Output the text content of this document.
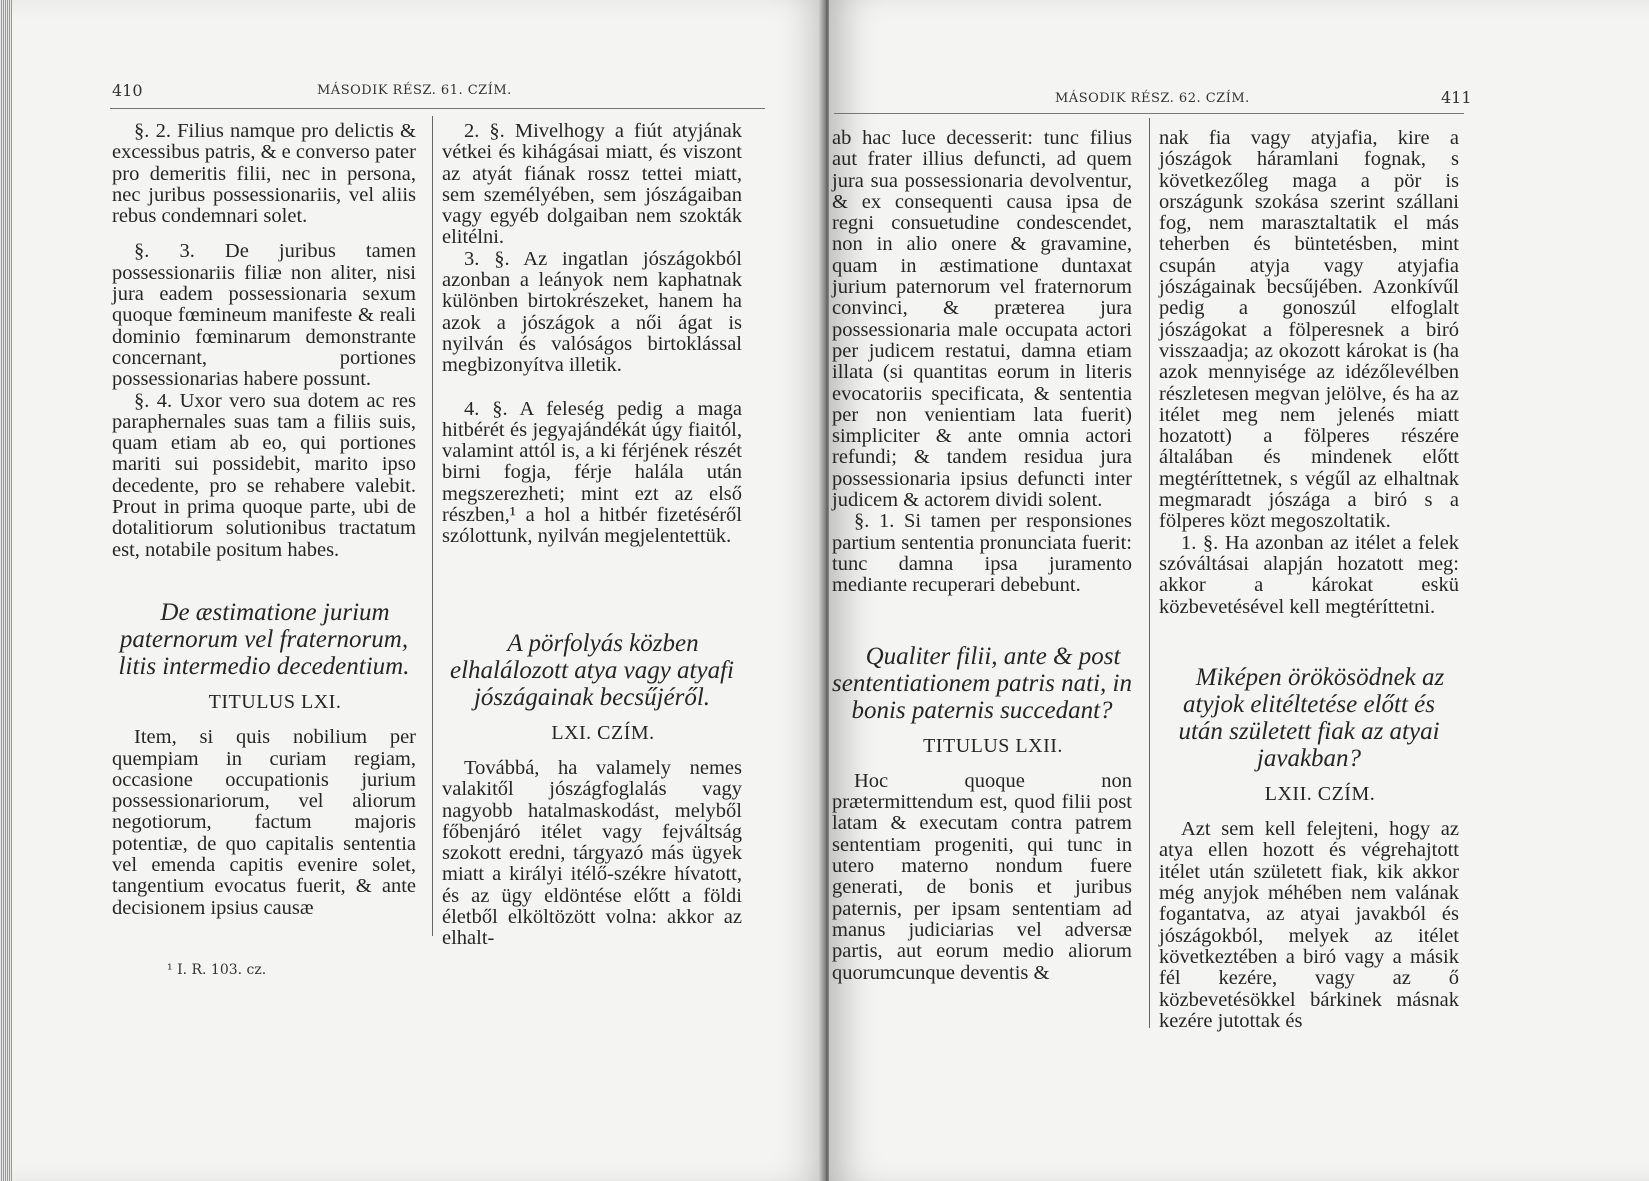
410	MÁSODIK RÉSZ. 61. CZÍM.

§. 2. Filius namque pro delictis & excessibus patris, & e converso pater pro demeritis filii, nec in persona, nec juribus possessionariis, vel aliis rebus condemnari solet.

§. 3. De juribus tamen possessionariis filiæ non aliter, nisi jura eadem possessionaria sexum quoque fœmineum manifeste & reali dominio fœminarum demonstrante concernant, portiones possessionarias habere possunt.

§. 4. Uxor vero sua dotem ac res paraphernales suas tam a filiis suis, quam etiam ab eo, qui portiones mariti sui possidebit, marito ipso decedente, pro se rehabere valebit. Prout in prima quoque parte, ubi de dotalitiorum solutionibus tractatum est, notabile positum habes.

De æstimatione jurium paternorum vel fraternorum, litis intermedio decedentium.

TITULUS LXI.

Item, si quis nobilium per quempiam in curiam regiam, occasione occupationis jurium possessionariorum, vel aliorum negotiorum, factum majoris potentiæ, de quo capitalis sententia vel emenda capitis evenire solet, tangentium evocatus fuerit, & ante decisionem ipsius causæ

2. §. Mivelhogy a fiút atyjának vétkei és kihágásai miatt, és viszont az atyát fiának rossz tettei miatt, sem személyében, sem jószágaiban vagy egyéb dolgaiban nem szokták elitélni.

3. §. Az ingatlan jószágokból azonban a leányok nem kaphatnak különben birtokrészeket, hanem ha azok a jószágok a női ágat is nyilván és valóságos birtoklással megbizonyítva illetik.

4. §. A feleség pedig a maga hitbérét és jegyajándékát úgy fiaitól, valamint attól is, a ki férjének részét birni fogja, férje halála után megszerezheti; mint ezt az első részben,¹ a hol a hitbér fizetéséről szólottunk, nyilván megjelentettük.

A pörfolyás közben elhalálozott atya vagy atyafi jószágainak becsűjéről.

LXI. CZÍM.

Továbbá, ha valamely nemes valakitől jószágfoglalás vagy nagyobb hatalmaskodást, melyből főbenjáró itélet vagy fejváltság szokott eredni, tárgyazó más ügyek miatt a királyi itélő-székre hívatott, és az ügy eldöntése előtt a földi életből elköltözött volna: akkor az elhalt-

¹ I. R. 103. cz.
MÁSODIK RÉSZ. 62. CZÍM.	411

ab hac luce decesserit: tunc filius aut frater illius defuncti, ad quem jura sua possessionaria devolventur, & ex consequenti causa ipsa de regni consuetudine condescendet, non in alio onere & gravamine, quam in æstimatione duntaxat jurium paternorum vel fraternorum convinci, & præterea jura possessionaria male occupata actori per judicem restatui, damna etiam illata (si quantitas eorum in literis evocatoriis specificata, & sententia per non venientiam lata fuerit) simpliciter & ante omnia actori refundi; & tandem residua jura possessionaria ipsius defuncti inter judicem & actorem dividi solent.

§. 1. Si tamen per responsiones partium sententia pronunciata fuerit: tunc damna ipsa juramento mediante recuperari debebunt.

Qualiter filii, ante & post sententiationem patris nati, in bonis paternis succedant?

TITULUS LXII.

Hoc quoque non prætermittendum est, quod filii post latam & executam contra patrem sententiam progeniti, qui tunc in utero materno nondum fuere generati, de bonis et juribus paternis, per ipsam sententiam ad manus judiciarias vel adversæ partis, aut eorum medio aliorum quorumcunque deventis &

nak fia vagy atyjafia, kire a jószágok háramlani fognak, s következőleg maga a pör is országunk szokása szerint szállani fog, nem marasztaltatik el más teherben és büntetésben, mint csupán atyja vagy atyjafia jószágainak becsűjében. Azonkívűl pedig a gonoszúl elfoglalt jószágokat a fölperesnek a biró visszaadja; az okozott károkat is (ha azok mennyisége az idézőlevélben részletesen megvan jelölve, és ha az itélet meg nem jelenés miatt hozatott) a fölperes részére általában és mindenek előtt megtéríttetnek, s végűl az elhaltnak megmaradt jószága a biró s a fölperes közt megoszoltatik.

1. §. Ha azonban az itélet a felek szóváltásai alapján hozatott meg: akkor a károkat eskü közbevetésével kell megtéríttetni.

Miképen örökösödnek az atyjok elitéltetése előtt és után született fiak az atyai javakban?

LXII. CZÍM.

Azt sem kell felejteni, hogy az atya ellen hozott és végrehajtott itélet után született fiak, kik akkor még anyjok méhében nem valának fogantatva, az atyai javakból és jószágokból, melyek az itélet következtében a biró vagy a másik fél kezére, vagy az ő közbevetésökkel bárkinek másnak kezére jutottak és
